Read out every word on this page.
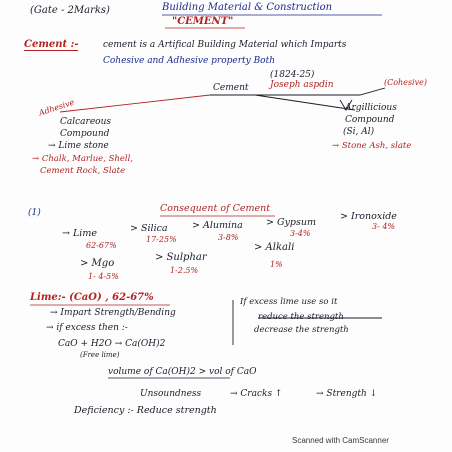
(Gate - 2Marks)	Building Material & Construction
"CEMENT"
Cement :-	cement is a Artifical Building Material which Imparts
Cohesive and Adhesive property Both
(1824-25)
Joseph aspdin
Cement
(Cohesive)
Adhesive
Calcareous
Compound
→ Lime stone
→ Chalk, Marlue, Shell,
Cement Rock, Slate
Argillicious
Compound
(Si, Al)
→ Stone Ash, slate
(1)	Consequent of Cement
→ Lime
62-67%
> Silica
17-25%
> Alumina
3-8%
> Gypsum
3-4%
> Ironoxide
3- 4%
> Mgo
1- 4-5%
> Sulphar
1-2.5%
> Alkali
1%
Lime:- (CaO) , 62-67%
→ Impart Strength/Bending
→ if excess then :-
CaO + H2O → Ca(OH)2
(Free lime)
If excess lime use so it
reduce the strength
decrease the strength
volume of Ca(OH)2 > vol of CaO
Unsoundness	→ Cracks ↑	→ Strength ↓
Deficiency :- Reduce strength
Scanned with CamScanner
